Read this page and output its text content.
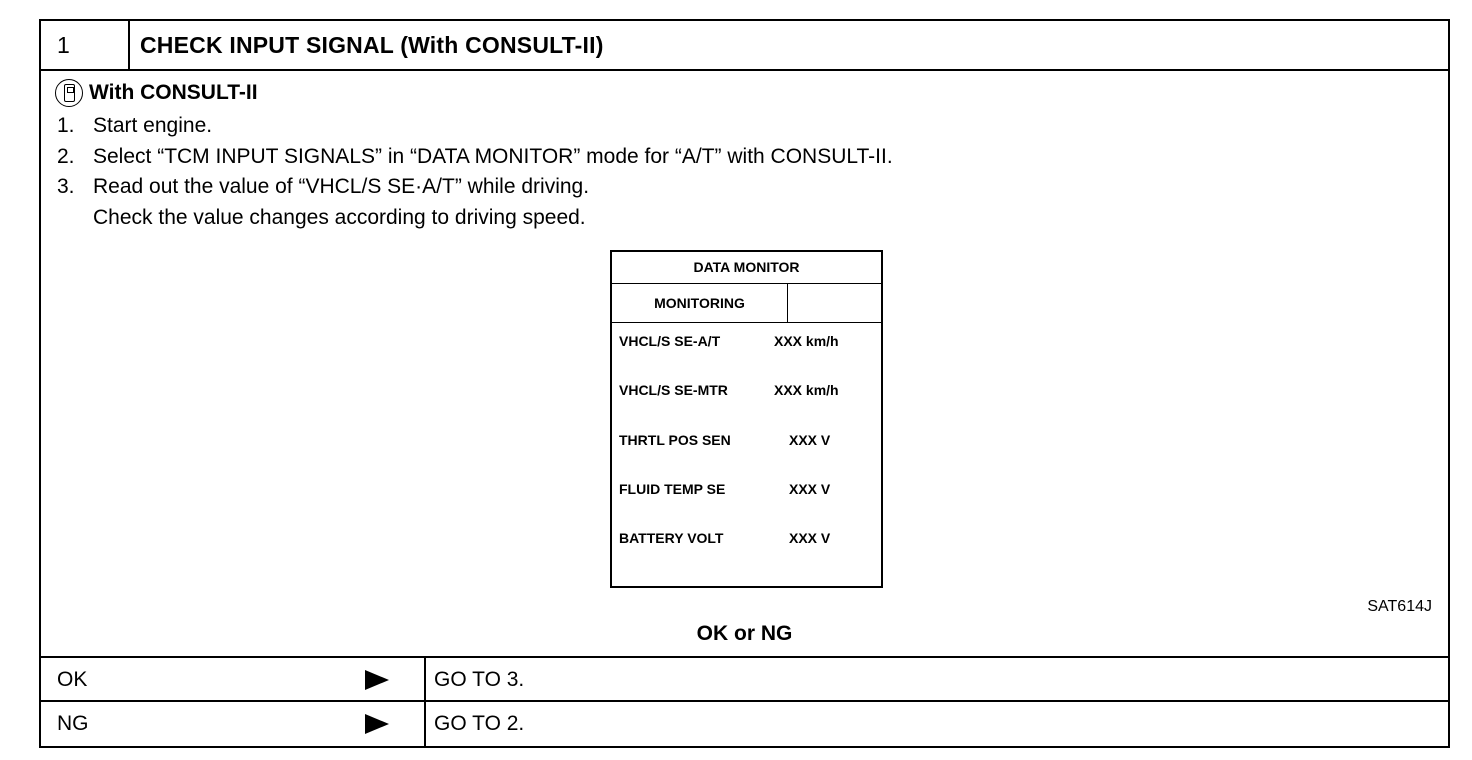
1	CHECK INPUT SIGNAL (With CONSULT-II)
With CONSULT-II
1. Start engine.
2. Select “TCM INPUT SIGNALS” in “DATA MONITOR” mode for “A/T” with CONSULT-II.
3. Read out the value of “VHCL/S SE·A/T” while driving.
Check the value changes according to driving speed.
DATA MONITOR
MONITORING
VHCL/S SE-A/T	XXX km/h
VHCL/S SE-MTR	XXX km/h
THRTL POS SEN	XXX V
FLUID TEMP SE	XXX V
BATTERY VOLT	XXX V
SAT614J
OK or NG
OK	GO TO 3.
NG	GO TO 2.
